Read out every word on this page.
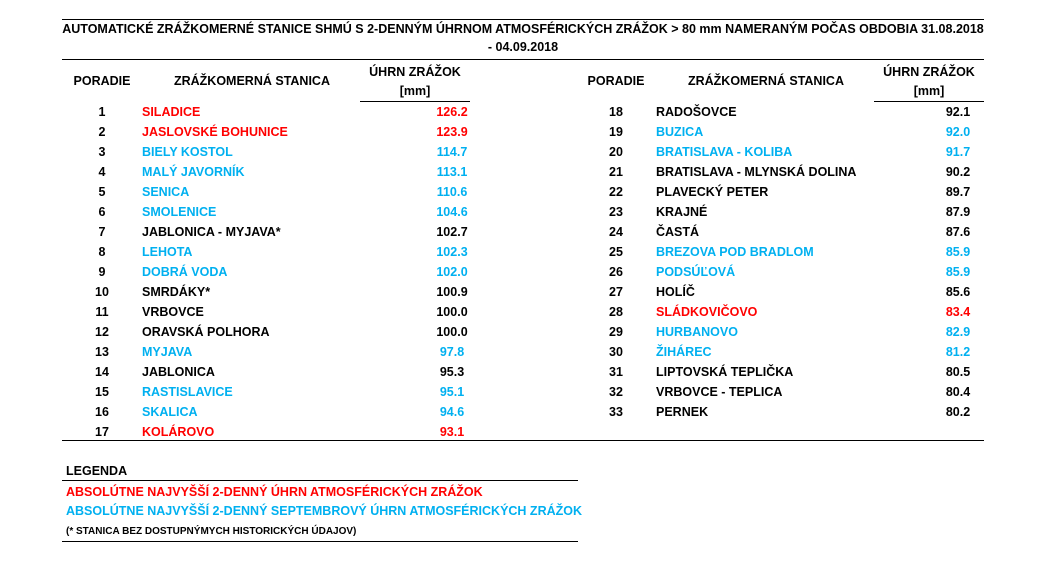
AUTOMATICKÉ ZRÁŽKOMERNÉ STANICE SHMÚ S 2-DENNÝM ÚHRNOM ATMOSFÉRICKÝCH ZRÁŽOK > 80 mm NAMERANÝM POČAS OBDOBIA 31.08.2018 - 04.09.2018
PORADIE	ZRÁŽKOMERNÁ STANICA
ÚHRN ZRÁŽOK
[mm]
PORADIE	ZRÁŽKOMERNÁ STANICA
ÚHRN ZRÁŽOK
[mm]
1	SILADICE	126.2
2	JASLOVSKÉ BOHUNICE	123.9
3	BIELY KOSTOL	114.7
4	MALÝ JAVORNÍK	113.1
5	SENICA	110.6
6	SMOLENICE	104.6
7	JABLONICA - MYJAVA*	102.7
8	LEHOTA	102.3
9	DOBRÁ VODA	102.0
10	SMRDÁKY*	100.9
11	VRBOVCE	100.0
12	ORAVSKÁ POLHORA	100.0
13	MYJAVA	97.8
14	JABLONICA	95.3
15	RASTISLAVICE	95.1
16	SKALICA	94.6
17	KOLÁROVO	93.1
18	RADOŠOVCE	92.1
19	BUZICA	92.0
20	BRATISLAVA - KOLIBA	91.7
21	BRATISLAVA - MLYNSKÁ DOLINA	90.2
22	PLAVECKÝ PETER	89.7
23	KRAJNÉ	87.9
24	ČASTÁ	87.6
25	BREZOVA POD BRADLOM	85.9
26	PODSÚĽOVÁ	85.9
27	HOLÍČ	85.6
28	SLÁDKOVIČOVO	83.4
29	HURBANOVO	82.9
30	ŽIHÁREC	81.2
31	LIPTOVSKÁ TEPLIČKA	80.5
32	VRBOVCE - TEPLICA	80.4
33	PERNEK	80.2
LEGENDA
ABSOLÚTNE NAJVYŠŠÍ 2-DENNÝ ÚHRN ATMOSFÉRICKÝCH ZRÁŽOK
ABSOLÚTNE NAJVYŠŠÍ 2-DENNÝ SEPTEMBROVÝ ÚHRN ATMOSFÉRICKÝCH ZRÁŽOK
(* STANICA BEZ DOSTUPNÝMYCH HISTORICKÝCH ÚDAJOV)
